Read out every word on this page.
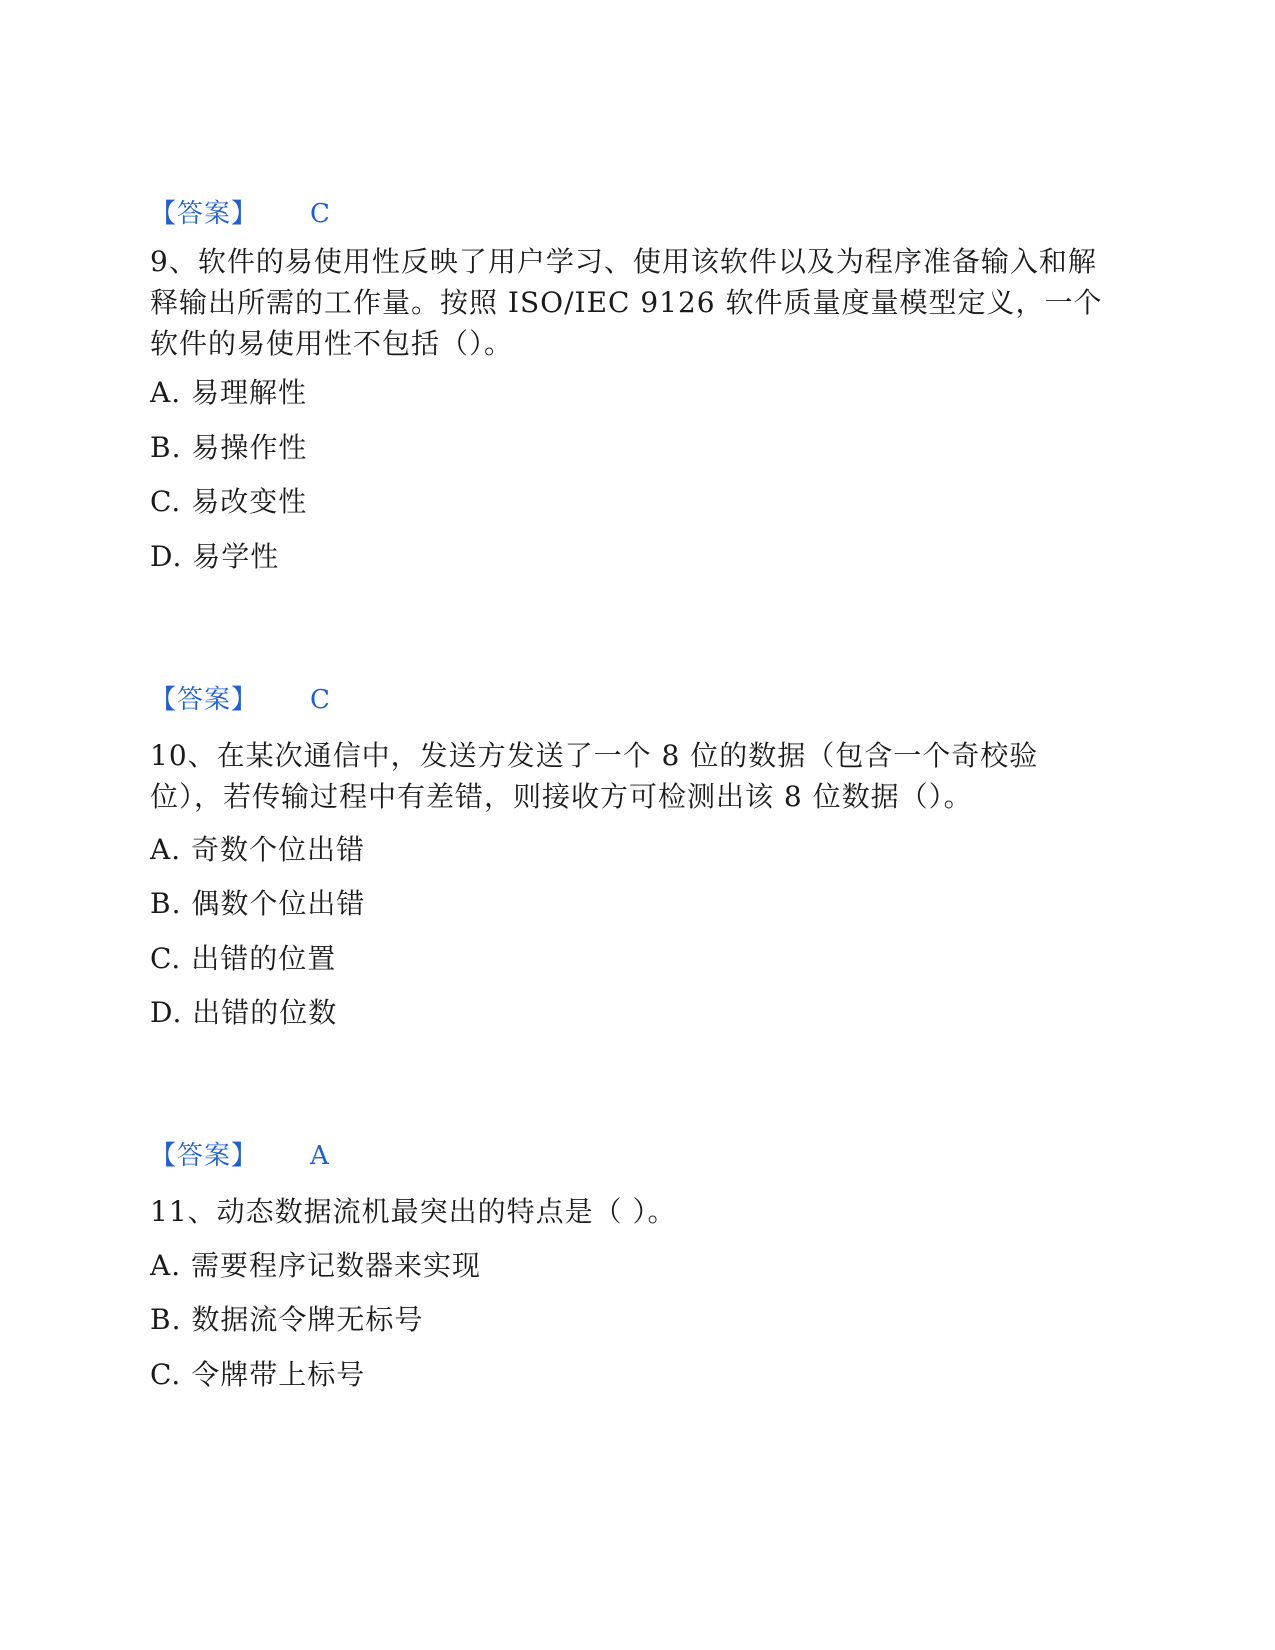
【答案】 C

9、软件的易使用性反映了用户学习、使用该软件以及为程序准备输入和解释输出所需的工作量。按照 ISO/IEC 9126 软件质量度量模型定义，一个软件的易使用性不包括（）。

A. 易理解性

B. 易操作性

C. 易改变性

D. 易学性

【答案】 C

10、在某次通信中，发送方发送了一个 8 位的数据（包含一个奇校验位），若传输过程中有差错，则接收方可检测出该 8 位数据（）。

A. 奇数个位出错

B. 偶数个位出错

C. 出错的位置

D. 出错的位数

【答案】 A

11、动态数据流机最突出的特点是（ ）。

A. 需要程序记数器来实现

B. 数据流令牌无标号

C. 令牌带上标号
